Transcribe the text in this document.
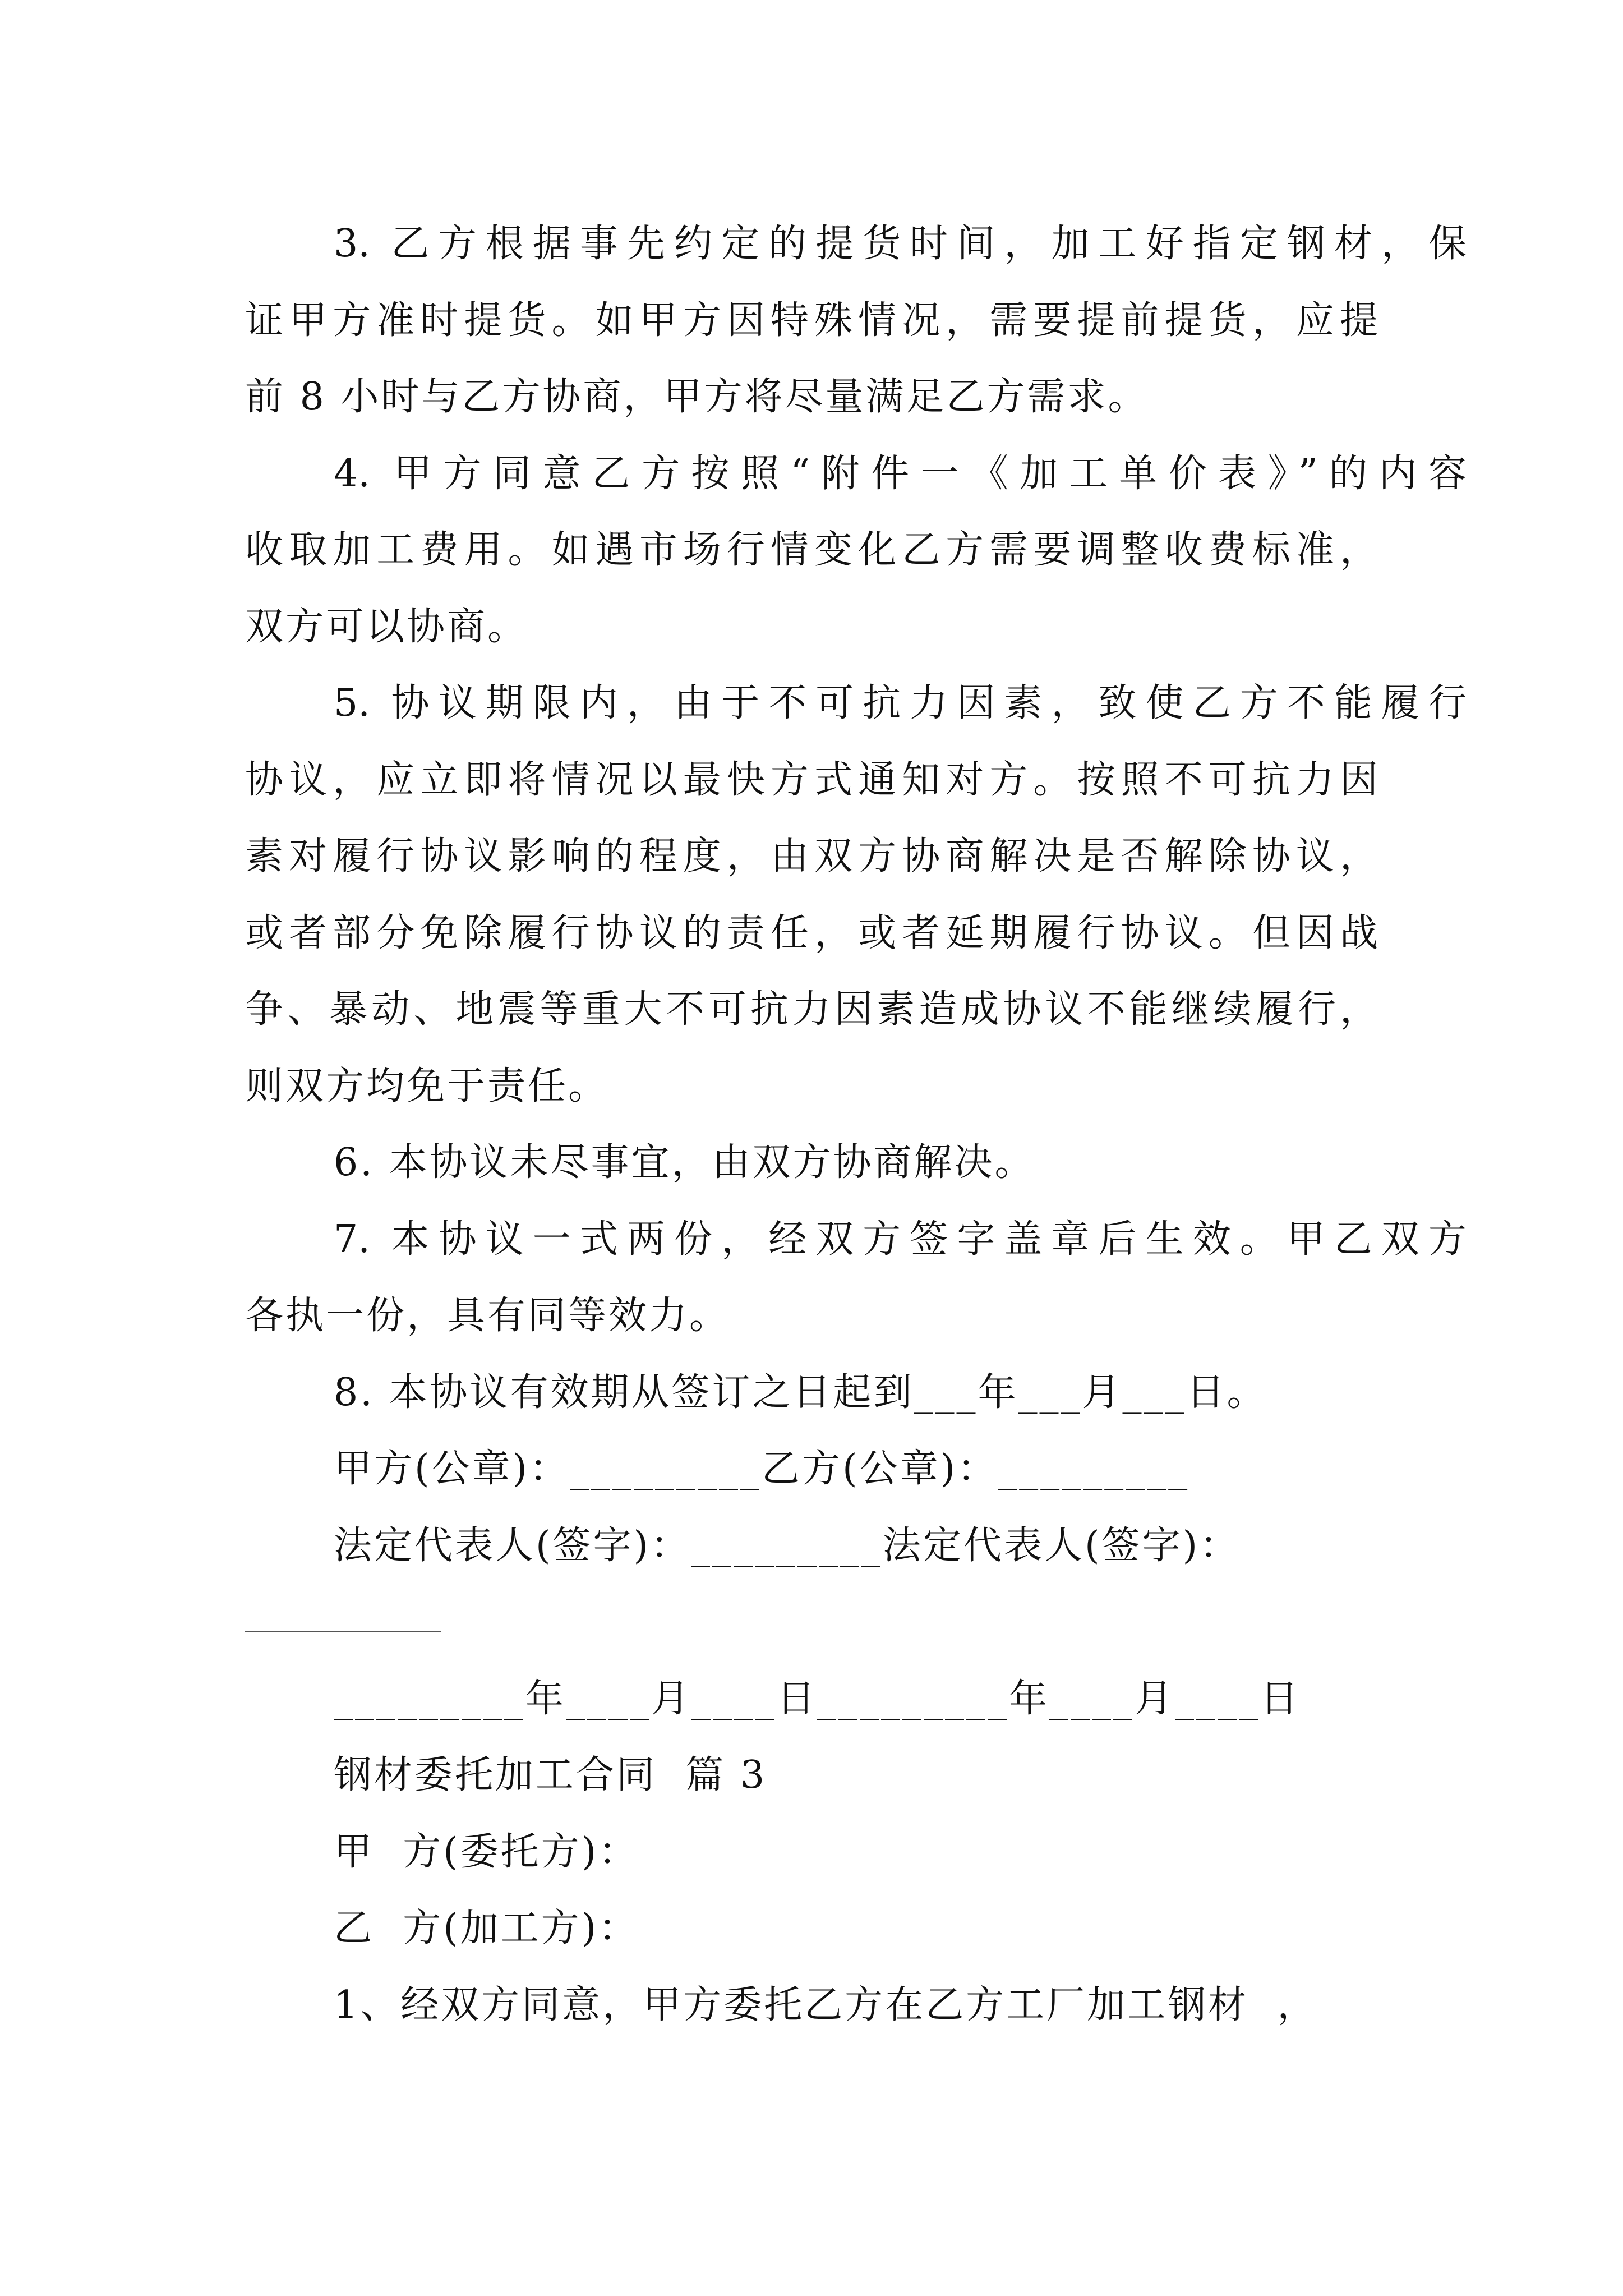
3. 乙方根据事先约定的提货时间，加工好指定钢材，保
证甲方准时提货。如甲方因特殊情况，需要提前提货，应提
前 8 小时与乙方协商，甲方将尽量满足乙方需求。
4. 甲方同意乙方按照“附件一《加工单价表》”的内容
收取加工费用。如遇市场行情变化乙方需要调整收费标准，
双方可以协商。
5. 协议期限内，由于不可抗力因素，致使乙方不能履行
协议，应立即将情况以最快方式通知对方。按照不可抗力因
素对履行协议影响的程度，由双方协商解决是否解除协议，
或者部分免除履行协议的责任，或者延期履行协议。但因战
争、暴动、地震等重大不可抗力因素造成协议不能继续履行，
则双方均免于责任。
6. 本协议未尽事宜，由双方协商解决。
7. 本协议一式两份，经双方签字盖章后生效。甲乙双方
各执一份，具有同等效力。
8. 本协议有效期从签订之日起到___年___月___日。
甲方(公章)：_________乙方(公章)：_________
法定代表人(签字)：_________法定代表人(签字)：
_________年____月____日_________年____月____日
钢材委托加工合同  篇 3
甲  方(委托方)：
乙  方(加工方)：
1、经双方同意，甲方委托乙方在乙方工厂加工钢材  ，
